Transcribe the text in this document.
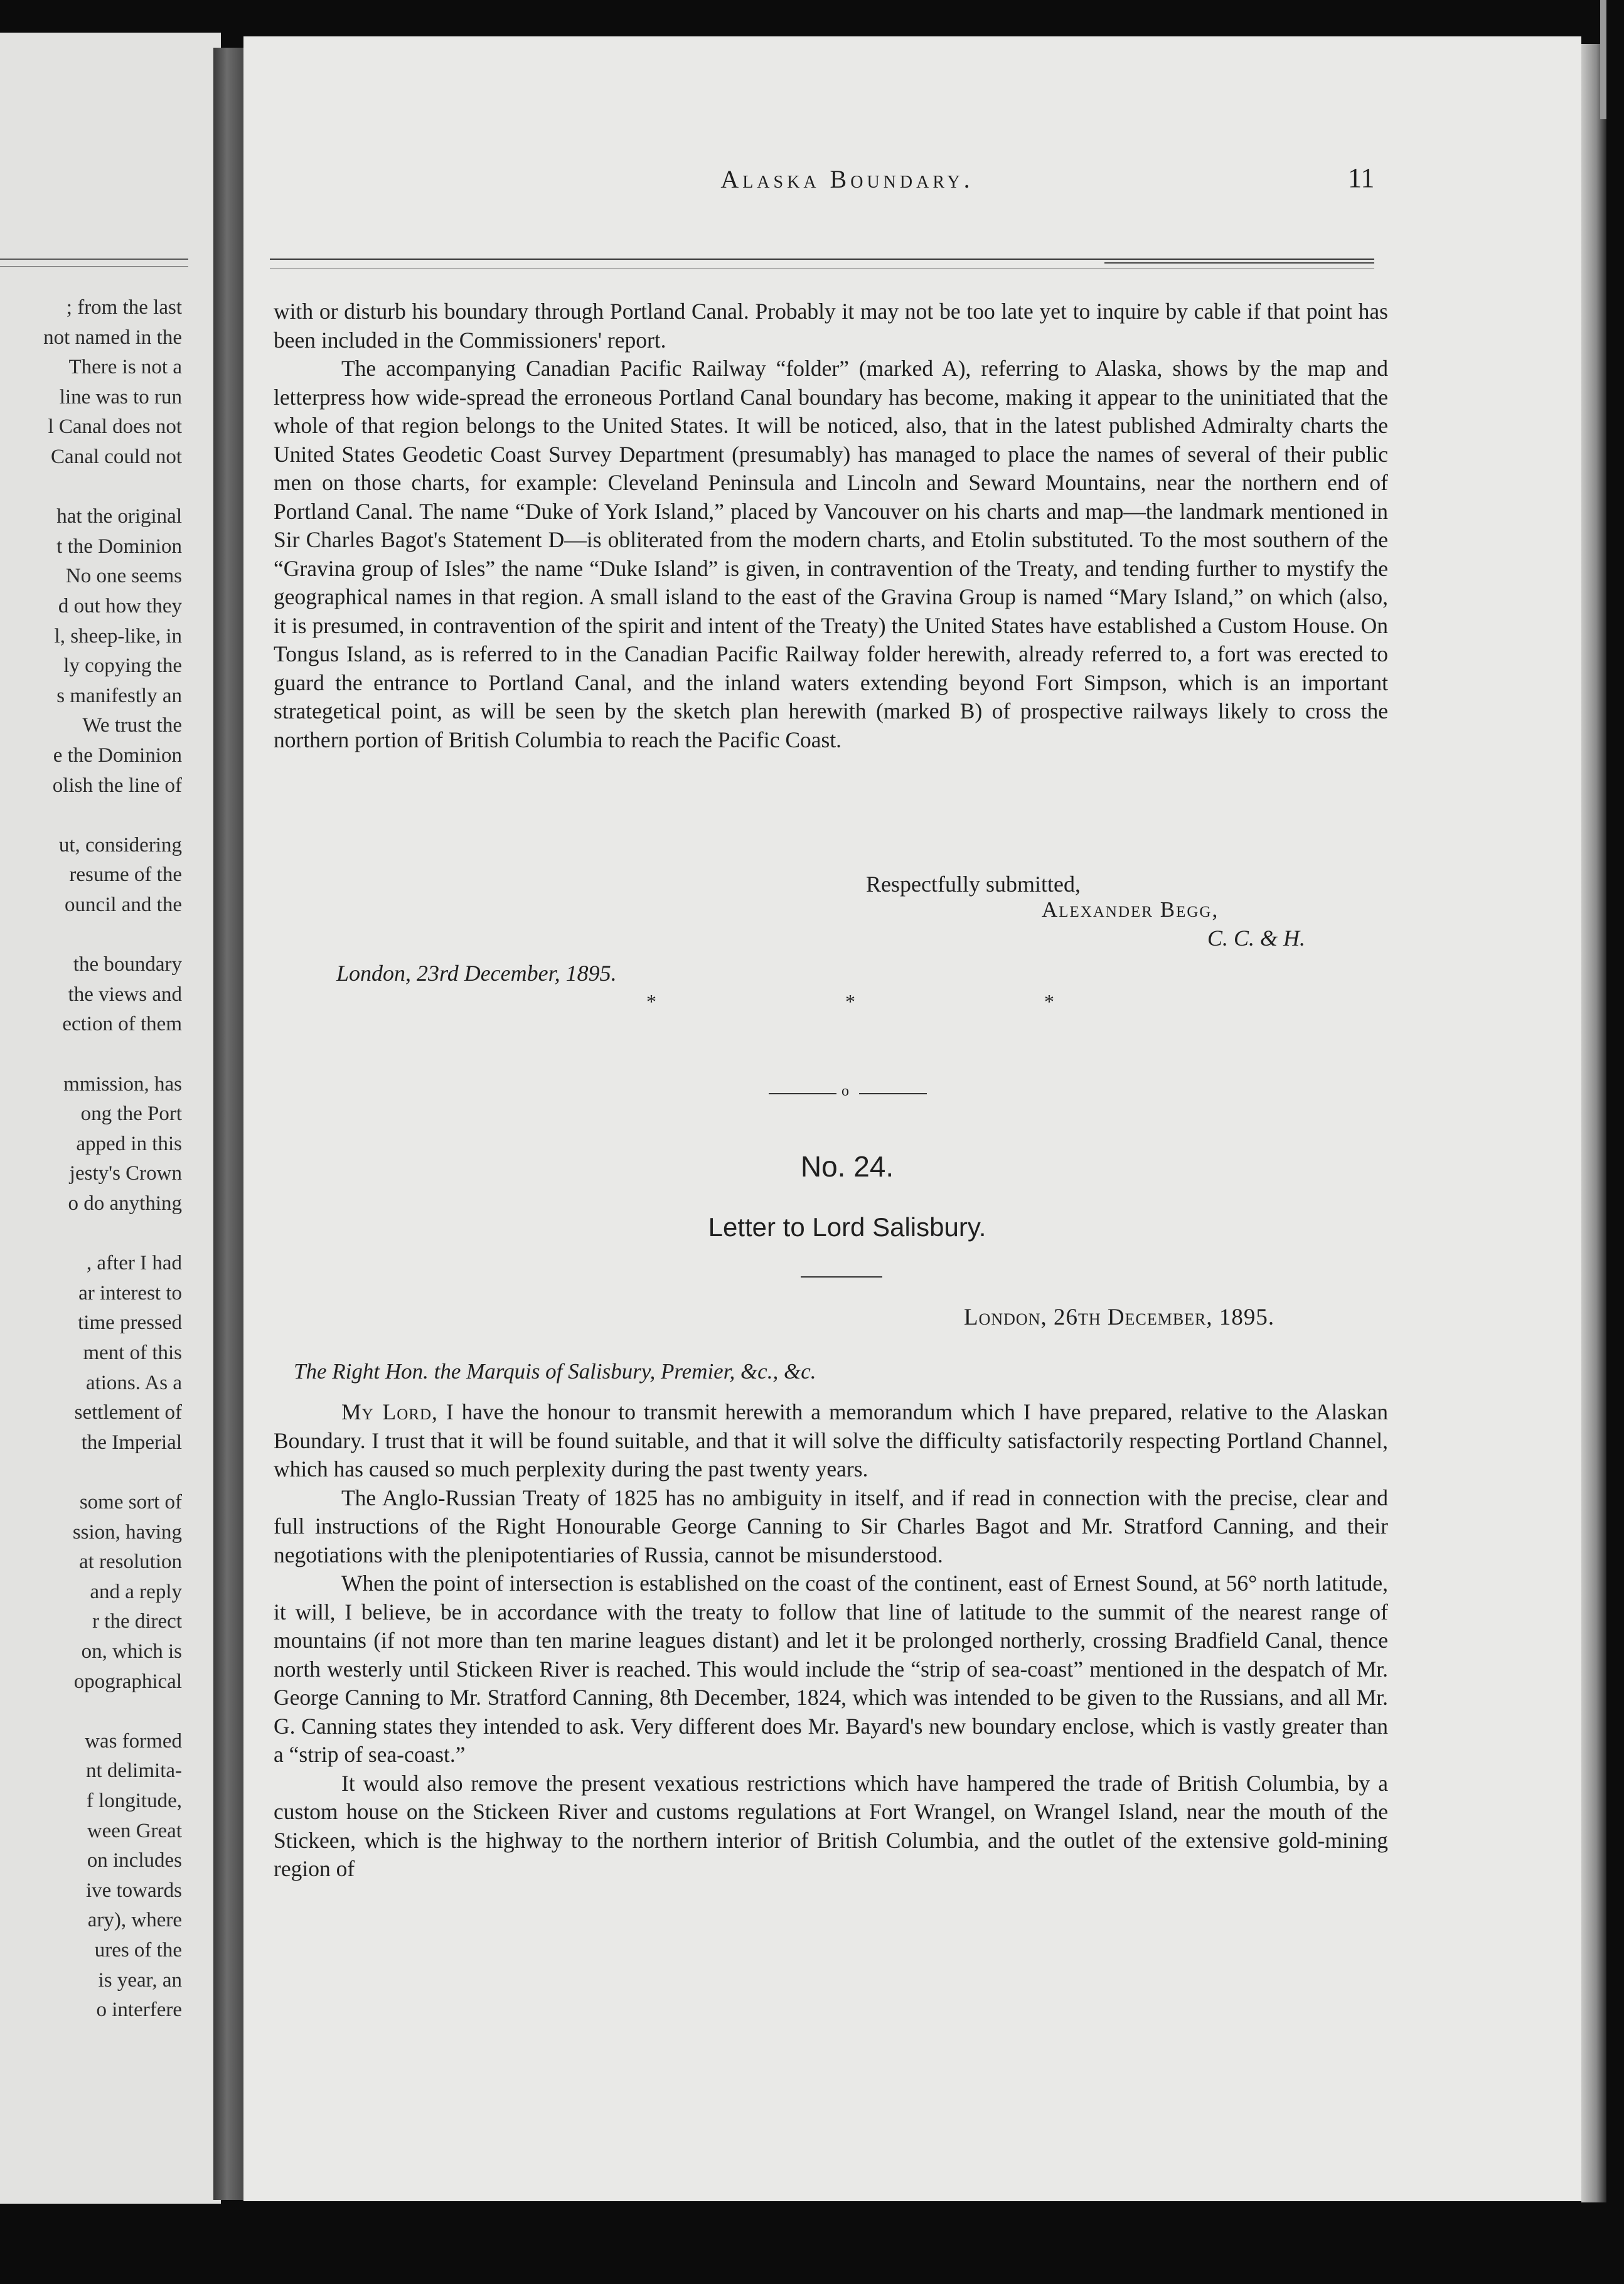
; from the last
not named in the
There is not a
line was to run
l Canal does not
Canal could not
hat the original
t the Dominion
No one seems
d out how they
l, sheep-like, in
ly copying the
s manifestly an
We trust the
e the Dominion
olish the line of
ut, considering
resume of the
ouncil and the
the boundary
the views and
ection of them
mmission, has
ong the Port
apped in this
jesty's Crown
o do anything
, after I had
ar interest to
time pressed
ment of this
ations. As a
settlement of
the Imperial
some sort of
ssion, having
at resolution
and a reply
r the direct
on, which is
opographical
was formed
nt delimita-
f longitude,
ween Great
on includes
ive towards
ary), where
ures of the
is year, an
o interfere
Alaska Boundary.	11

with or disturb his boundary through Portland Canal. Probably it may not be too late yet to inquire by cable if that point has been included in the Commissioners' report.

The accompanying Canadian Pacific Railway “folder” (marked A), referring to Alaska, shows by the map and letterpress how wide-spread the erroneous Portland Canal boundary has become, making it appear to the uninitiated that the whole of that region belongs to the United States. It will be noticed, also, that in the latest published Admiralty charts the United States Geodetic Coast Survey Department (presumably) has managed to place the names of several of their public men on those charts, for example: Cleveland Peninsula and Lincoln and Seward Mountains, near the northern end of Portland Canal. The name “Duke of York Island,” placed by Vancouver on his charts and map—the landmark mentioned in Sir Charles Bagot's Statement D—is obliterated from the modern charts, and Etolin substituted. To the most southern of the “Gravina group of Isles” the name “Duke Island” is given, in contravention of the Treaty, and tending further to mystify the geographical names in that region. A small island to the east of the Gravina Group is named “Mary Island,” on which (also, it is presumed, in contravention of the spirit and intent of the Treaty) the United States have established a Custom House. On Tongus Island, as is referred to in the Canadian Pacific Railway folder herewith, already referred to, a fort was erected to guard the entrance to Portland Canal, and the inland waters extending beyond Fort Simpson, which is an important strategetical point, as will be seen by the sketch plan herewith (marked B) of prospective railways likely to cross the northern portion of British Columbia to reach the Pacific Coast.

Respectfully submitted,
Alexander Begg,
C. C. & H.
London, 23rd December, 1895.
*	*	*
o
No. 24.
Letter to Lord Salisbury.
London, 26th December, 1895.
The Right Hon. the Marquis of Salisbury, Premier, &c., &c.

My Lord, I have the honour to transmit herewith a memorandum which I have prepared, relative to the Alaskan Boundary. I trust that it will be found suitable, and that it will solve the difficulty satisfactorily respecting Portland Channel, which has caused so much perplexity during the past twenty years.

The Anglo-Russian Treaty of 1825 has no ambiguity in itself, and if read in connection with the precise, clear and full instructions of the Right Honourable George Canning to Sir Charles Bagot and Mr. Stratford Canning, and their negotiations with the plenipotentiaries of Russia, cannot be misunderstood.

When the point of intersection is established on the coast of the continent, east of Ernest Sound, at 56° north latitude, it will, I believe, be in accordance with the treaty to follow that line of latitude to the summit of the nearest range of mountains (if not more than ten marine leagues distant) and let it be prolonged northerly, crossing Bradfield Canal, thence north westerly until Stickeen River is reached. This would include the “strip of sea-coast” mentioned in the despatch of Mr. George Canning to Mr. Stratford Canning, 8th December, 1824, which was intended to be given to the Russians, and all Mr. G. Canning states they intended to ask. Very different does Mr. Bayard's new boundary enclose, which is vastly greater than a “strip of sea-coast.”

It would also remove the present vexatious restrictions which have hampered the trade of British Columbia, by a custom house on the Stickeen River and customs regulations at Fort Wrangel, on Wrangel Island, near the mouth of the Stickeen, which is the highway to the northern interior of British Columbia, and the outlet of the extensive gold-mining region of
